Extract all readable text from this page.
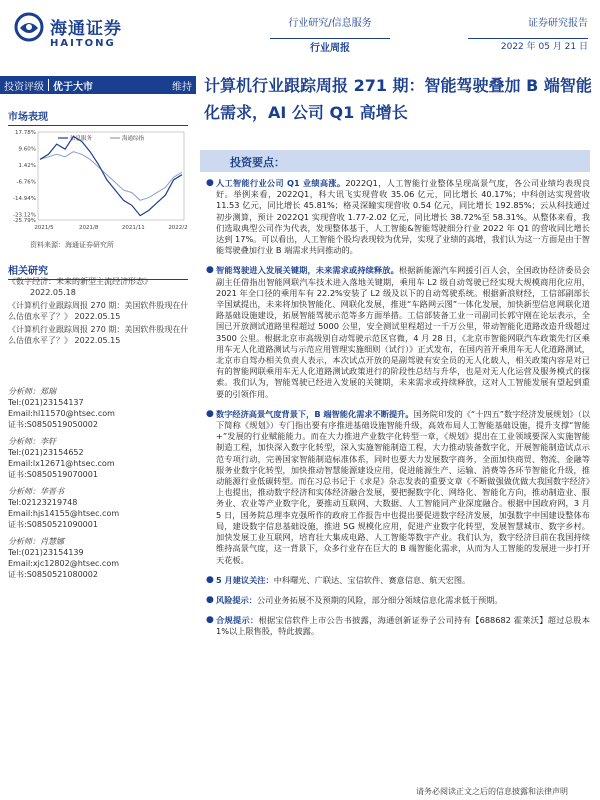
海通证券
HAITONG
行业研究/信息服务
行业周报
证券研究报告
2022 年 05 月 21 日
投资评级 优于大市	维持 计算机行业跟踪周报 271 期：智能驾驶叠加 B 端智能化需求，AI 公司 Q1 高增长
市场表现
17.78%
9.60%
1.42%
-6.76%
-14.94%
-23.12%
-25.79%
2021/5	2021/8	2021/11	2022/2
信息服务	海通综指
资料来源：海通证券研究所
相关研究
《数字经济：未来的新型主流经济形态》
2022.05.18
《计算机行业跟踪周报 270 期：美国软件股现在什么估值水平了？》 2022.05.15
《计算机行业跟踪周报 270 期：美国软件股现在什么估值水平了？》 2022.05.15
分析师：郑瑞
Tel:(021)23154137
Email:hl11570@htsec.com
证书:S0850519050002
分析师：李轩
Tel:(021)23154652
Email:lx12671@htsec.com
证书:S0850519070001
分析师：华晋书
Tel:02123219748
Email:hjs14155@htsec.com
证书:S0850521090001
分析师：肖慧娜
Tel:(021)23154139
Email:xjc12802@htsec.com
证书:S0850521080002
投资要点：
● 人工智能行业公司 Q1 业绩高涨。2022Q1，人工智能行业整体呈现高景气度，各公司业绩均表现良好。举例来看，2022Q1，科大讯飞实现营收 35.06 亿元，同比增长 40.17%；中科创达实现营收 11.53 亿元，同比增长 45.81%；格灵深瞳实现营收 0.54 亿元，同比增长 192.85%；云从科技通过初步测算，预计 2022Q1 实现营收 1.77-2.02 亿元，同比增长 38.72%至 58.31%。从整体来看，我们选取典型公司作为代表，发现整体基于，人工智能&智能驾驶细分行业 2022 年 Q1 的营收同比增长达到 17%。可以看出，人工智能个股均表现较为优异，实现了业绩的高增，我们认为这一方面是由于智能驾驶叠加行业 B 端需求共同推动的。
● 智能驾驶进入发展关键期，未来需求或持续释放。根据新能源汽车网援引百人会，全国政协经济委员会副主任借指出智能网联汽车技术进入落地关键期，乘用车 L2 级自动驾驶已经实现大规模商用化应用，2021 年全口径的乘用车有 22.2%安装了 L2 级及以下的自动驾驶系统。根据新浪财经，工信部副部长辛国斌提出，未来将加快智能化、网联化发展，推进“车路网云图”一体化发展，加快新型信息网联化道路基础设施建设，拓展智能驾驶示范等多方面举措。工信部装备工业一司副司长郭守刚在论坛表示，全国已开放测试道路里程超过 5000 公里，安全测试里程超过一千万公里，带动智能化道路改造升级超过 3500 公里。根据北京市高级别自动驾驶示范区官微，4 月 28 日，《北京市智能网联汽车政策先行区乘用车无人化道路测试与示范应用管理实施细则（试行）》正式发布，在国内首开乘用车无人化道路测试，北京市自驾办相关负责人表示，本次试点开放的是副驾驶有安全员的无人化载人，相关政策内容是对已有的智能网联乘用车无人化道路测试政策进行的阶段性总结与升华，也是对无人化运营及服务模式的探索。我们认为，智能驾驶已经进入发展的关键期，未来需求或持续释放，这对人工智能发展有望起到重要的引领作用。
● 数字经济高景气度背景下，B 端智能化需求不断提升。国务院印发的《“十四五”数字经济发展规划》（以下简称《规划》）专门指出要有序推进基础设施智能升级，高效布局人工智能基础设施，提升支撑“智能+”发展的行业赋能能力。而在大力推进产业数字化转型一章，《规划》提出在工业领域要深入实施智能制造工程，加快深入数字化转型，深入实施智能制造工程，大力推动装备数字化，开展智能制造试点示范专项行动，完善国家智能制造标准体系，同时也要大力发展数字商务，全面加快商贸、物流、金融等服务业数字化转型，加快推动智慧能源建设应用，促进能源生产、运输、消费等各环节智能化升级，推动能源行业低碳转型。而在习总书记于《求是》杂志发表的重要文章《不断做强做优做大我国数字经济》上也提出，推动数字经济和实体经济融合发展，要把握数字化、网络化、智能化方向，推动制造业、服务业、农业等产业数字化，要推动互联网、大数据、人工智能同产业深度融合。根据中国政府网，3 月 5 日，国务院总理李克强所作的政府工作报告中也提出要促进数字经济发展，加强数字中国建设整体布局，建设数字信息基础设施，推进 5G 规模化应用，促进产业数字化转型，发展智慧城市、数字乡村。加快发展工业互联网，培育壮大集成电路、人工智能等数字产业。我们认为，数字经济目前在我国持续维持高景气度，这一背景下，众多行业存在巨大的 B 端智能化需求，从而为人工智能的发展进一步打开天花板。
● 5 月建议关注：中科曙光、广联达、宝信软件、赛意信息、航天宏图。
● 风险提示：公司业务拓展不及预期的风险，部分细分领域信息化需求低于预期。
● 合规提示：根据宝信软件上市公告书披露，海通创新证券子公司持有【688682 霍莱沃】超过总股本 1%以上限售股，特此披露。
请务必阅读正文之后的信息披露和法律声明
